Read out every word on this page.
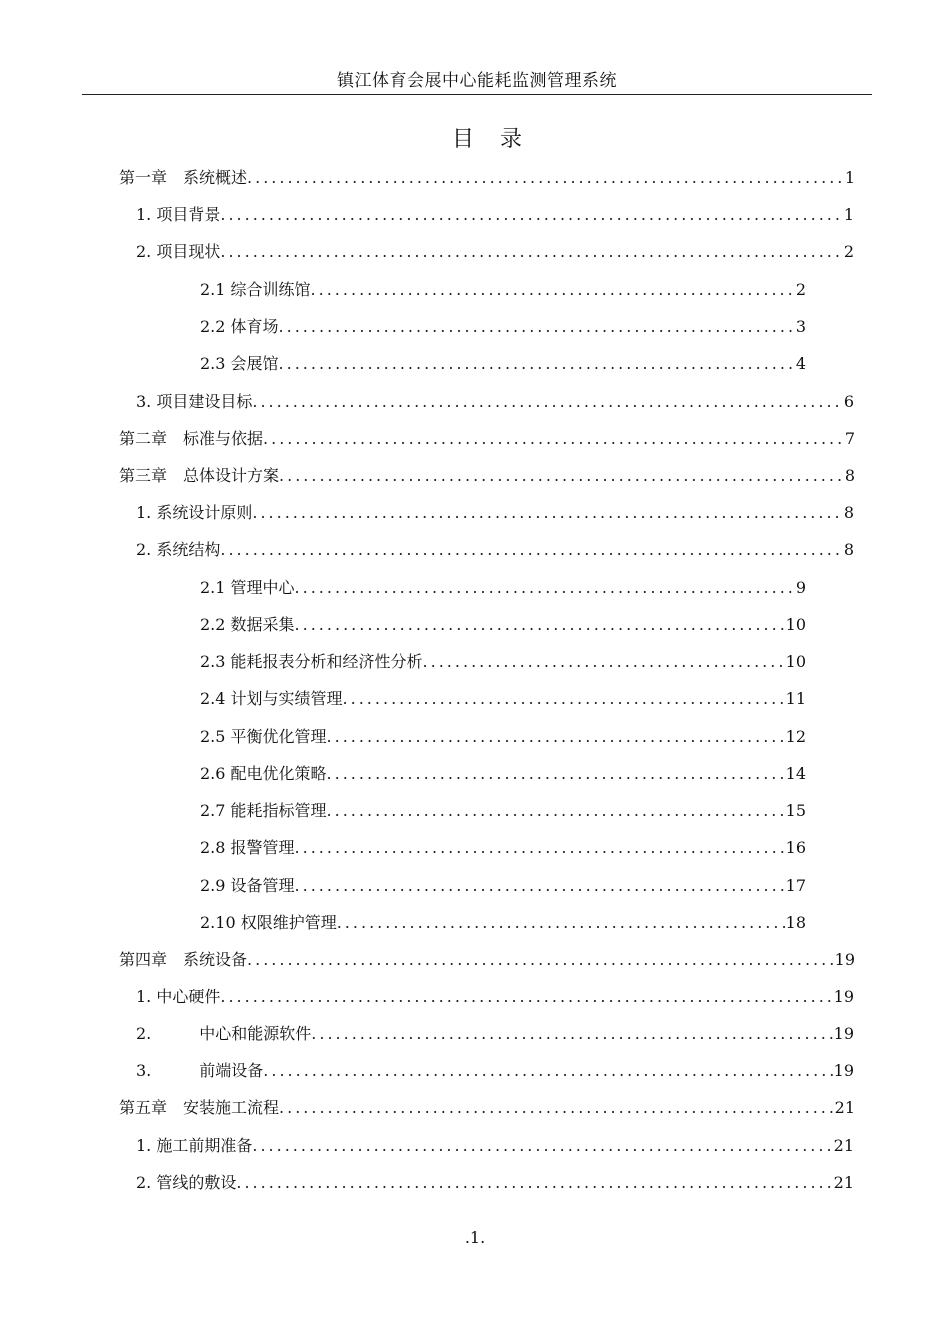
镇江体育会展中心能耗监测管理系统
目录
第一章　系统概述 .....	1
1. 项目背景 .....	1
2. 项目现状 .....	2
2.1 综合训练馆 .....	2
2.2 体育场 .....	3
2.3 会展馆 .....	4
3. 项目建设目标 .....	6
第二章　标准与依据 .....	7
第三章　总体设计方案 .....	8
1. 系统设计原则 .....	8
2. 系统结构 .....	8
2.1 管理中心 .....	9
2.2 数据采集 .....	10
2.3 能耗报表分析和经济性分析 .....	10
2.4 计划与实绩管理 .....	11
2.5 平衡优化管理 .....	12
2.6 配电优化策略 .....	14
2.7 能耗指标管理 .....	15
2.8 报警管理 .....	16
2.9 设备管理 .....	17
2.10 权限维护管理 .....	18
第四章　系统设备 .....	19
1. 中心硬件 .....	19
2.　　　中心和能源软件 .....	19
3.　　　前端设备 .....	19
第五章　安装施工流程 .....	21
1. 施工前期准备 .....	21
2. 管线的敷设 .....	21
.1.
